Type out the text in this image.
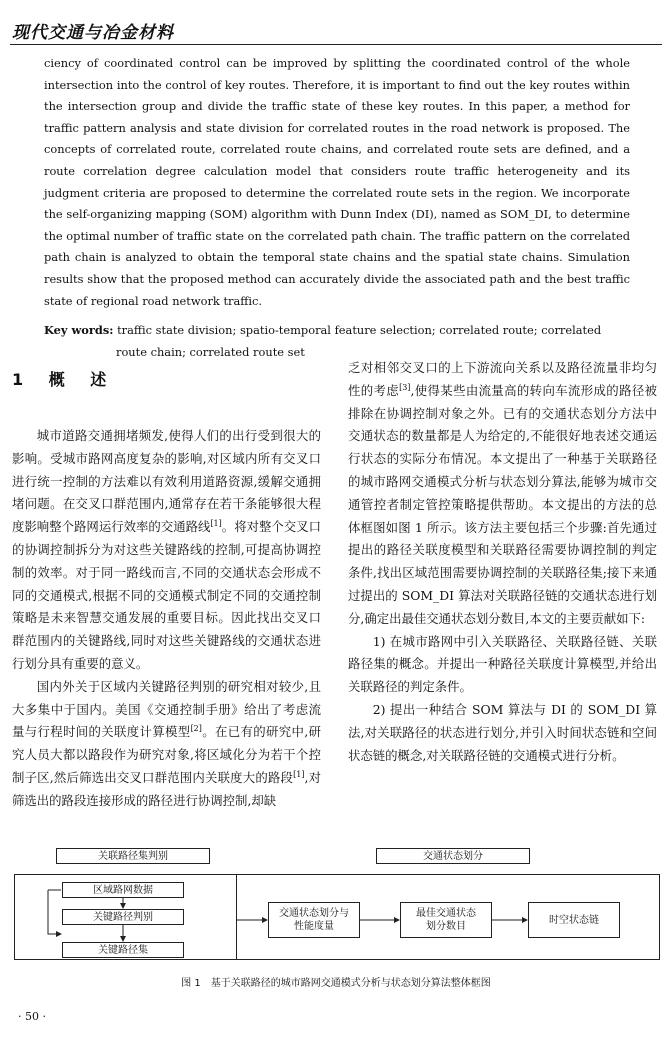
现代交通与冶金材料
ciency of coordinated control can be improved by splitting the coordinated control of the whole intersection into the control of key routes. Therefore, it is important to find out the key routes within the intersection group and divide the traffic state of these key routes. In this paper, a method for traffic pattern analysis and state division for correlated routes in the road network is proposed. The concepts of correlated route, correlated route chains, and correlated route sets are defined, and a route correlation degree calculation model that considers route traffic heterogeneity and its judgment criteria are proposed to determine the correlated route sets in the region. We incorporate the self-organizing mapping (SOM) algorithm with Dunn Index (DI), named as SOM_DI, to determine the optimal number of traffic state on the correlated path chain. The traffic pattern on the correlated path chain is analyzed to obtain the temporal state chains and the spatial state chains. Simulation results show that the proposed method can accurately divide the associated path and the best traffic state of regional road network traffic.
Key words: traffic state division; spatio-temporal feature selection; correlated route; correlated
route chain; correlated route set
1 概 述

城市道路交通拥堵频发,使得人们的出行受到很大的影响。受城市路网高度复杂的影响,对区域内所有交叉口进行统一控制的方法难以有效利用道路资源,缓解交通拥堵问题。在交叉口群范围内,通常存在若干条能够很大程度影响整个路网运行效率的交通路线[1]。将对整个交叉口的协调控制拆分为对这些关键路线的控制,可提高协调控制的效率。对于同一路线而言,不同的交通状态会形成不同的交通模式,根据不同的交通模式制定不同的交通控制策略是未来智慧交通发展的重要目标。因此找出交叉口群范围内的关键路线,同时对这些关键路线的交通状态进行划分具有重要的意义。

国内外关于区域内关键路径判别的研究相对较少,且大多集中于国内。美国《交通控制手册》给出了考虑流量与行程时间的关联度计算模型[2]。在已有的研究中,研究人员大都以路段作为研究对象,将区域化分为若干个控制子区,然后筛选出交叉口群范围内关联度大的路段[1],对筛选出的路段连接形成的路径进行协调控制,却缺

乏对相邻交叉口的上下游流向关系以及路径流量非均匀性的考虑[3],使得某些由流量高的转向车流形成的路径被排除在协调控制对象之外。已有的交通状态划分方法中交通状态的数量都是人为给定的,不能很好地表述交通运行状态的实际分布情况。本文提出了一种基于关联路径的城市路网交通模式分析与状态划分算法,能够为城市交通管控者制定管控策略提供帮助。本文提出的方法的总体框图如图 1 所示。该方法主要包括三个步骤:首先通过提出的路径关联度模型和关联路径需要协调控制的判定条件,找出区域范围需要协调控制的关联路径集;接下来通过提出的 SOM_DI 算法对关联路径链的交通状态进行划分,确定出最佳交通状态划分数目,本文的主要贡献如下:

1) 在城市路网中引入关联路径、关联路径链、关联路径集的概念。并提出一种路径关联度计算模型,并给出关联路径的判定条件。

2) 提出一种结合 SOM 算法与 DI 的 SOM_DI 算法,对关联路径的状态进行划分,并引入时间状态链和空间状态链的概念,对关联路径链的交通模式进行分析。

关联路径集判别	交通状态划分
区域路网数据
关键路径判别
关键路径集
交通状态划分与
性能度量
最佳交通状态
划分数目
时空状态链
图 1　基于关联路径的城市路网交通模式分析与状态划分算法整体框图
· 50 ·
